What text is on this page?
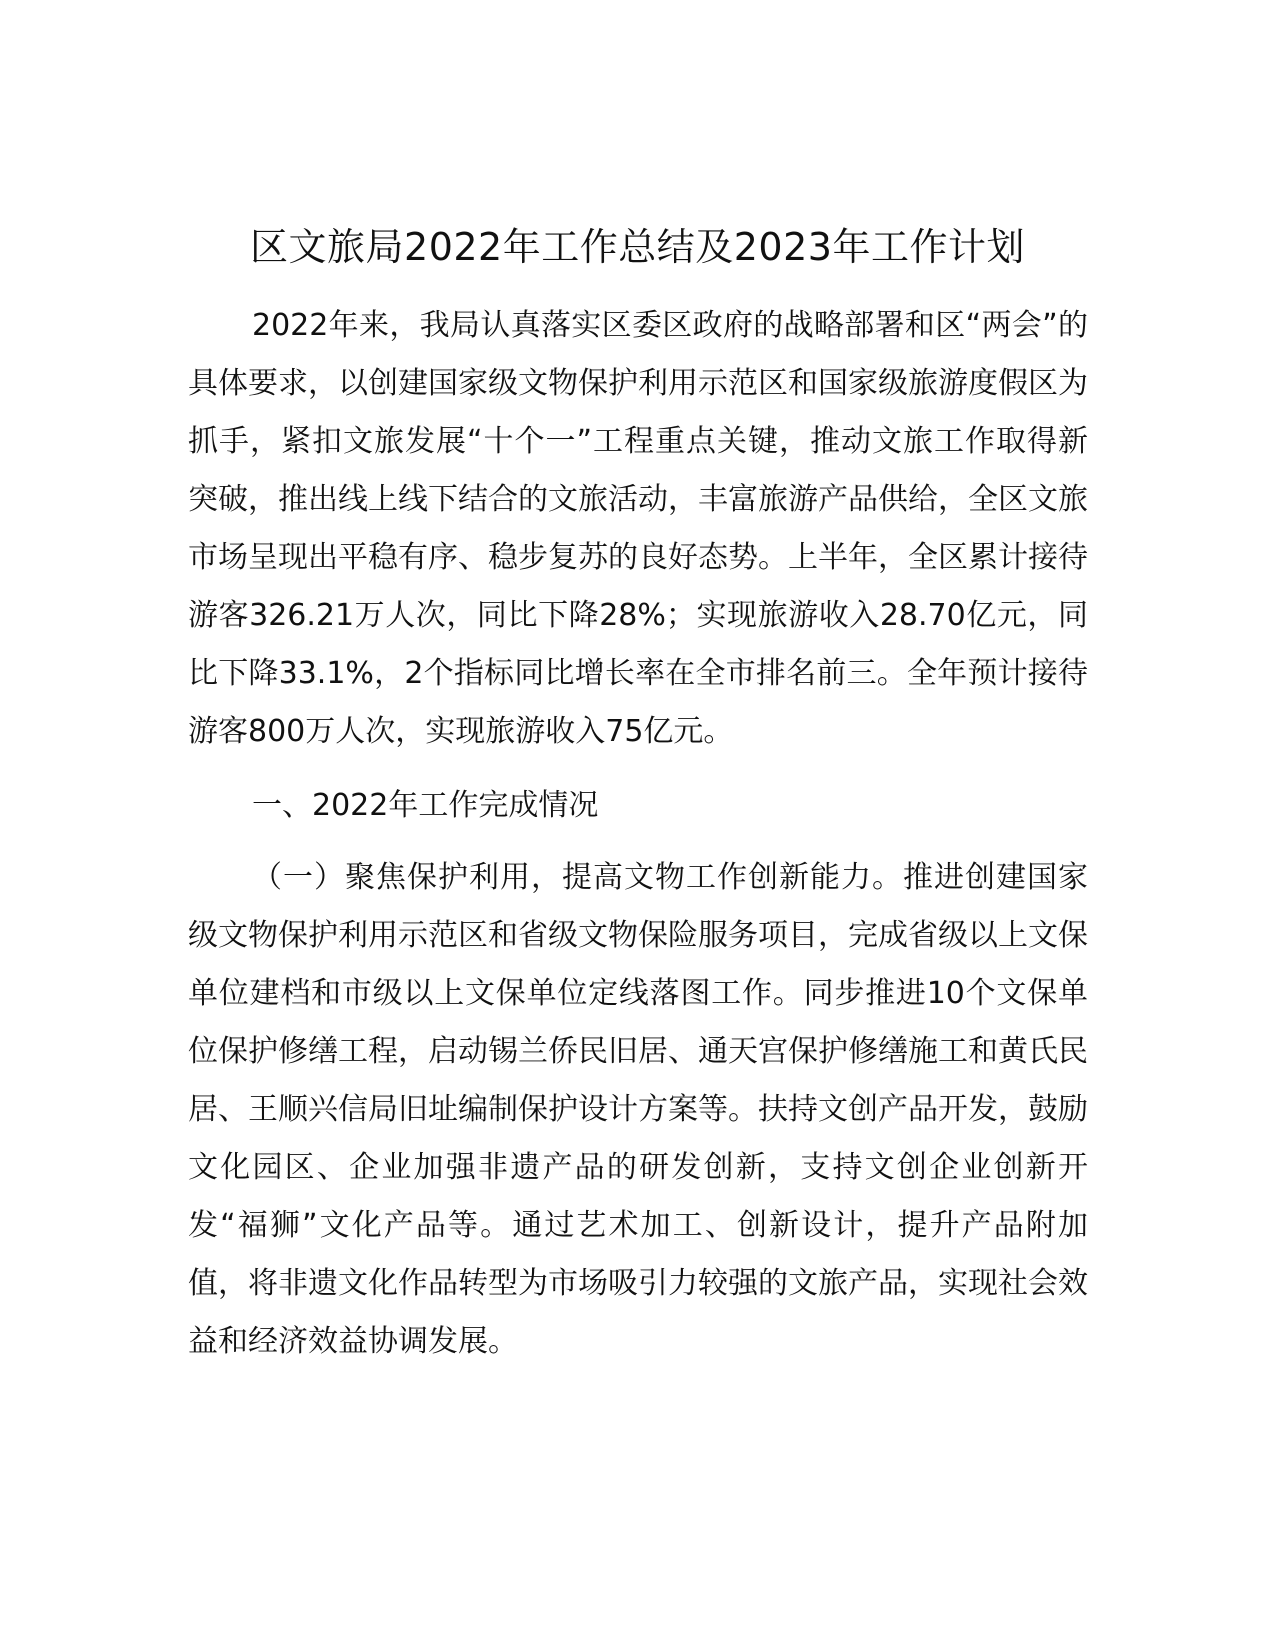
区文旅局2022年工作总结及2023年工作计划

2022年来，我局认真落实区委区政府的战略部署和区“两会”的具体要求，以创建国家级文物保护利用示范区和国家级旅游度假区为抓手，紧扣文旅发展“十个一”工程重点关键，推动文旅工作取得新突破，推出线上线下结合的文旅活动，丰富旅游产品供给，全区文旅市场呈现出平稳有序、稳步复苏的良好态势。上半年，全区累计接待游客326.21万人次，同比下降28%；实现旅游收入28.70亿元，同比下降33.1%，2个指标同比增长率在全市排名前三。全年预计接待游客800万人次，实现旅游收入75亿元。

一、2022年工作完成情况

（一）聚焦保护利用，提高文物工作创新能力。推进创建国家级文物保护利用示范区和省级文物保险服务项目，完成省级以上文保单位建档和市级以上文保单位定线落图工作。同步推进10个文保单位保护修缮工程，启动锡兰侨民旧居、通天宫保护修缮施工和黄氏民居、王顺兴信局旧址编制保护设计方案等。扶持文创产品开发，鼓励文化园区、企业加强非遗产品的研发创新，支持文创企业创新开发“福狮”文化产品等。通过艺术加工、创新设计，提升产品附加值，将非遗文化作品转型为市场吸引力较强的文旅产品，实现社会效益和经济效益协调发展。
